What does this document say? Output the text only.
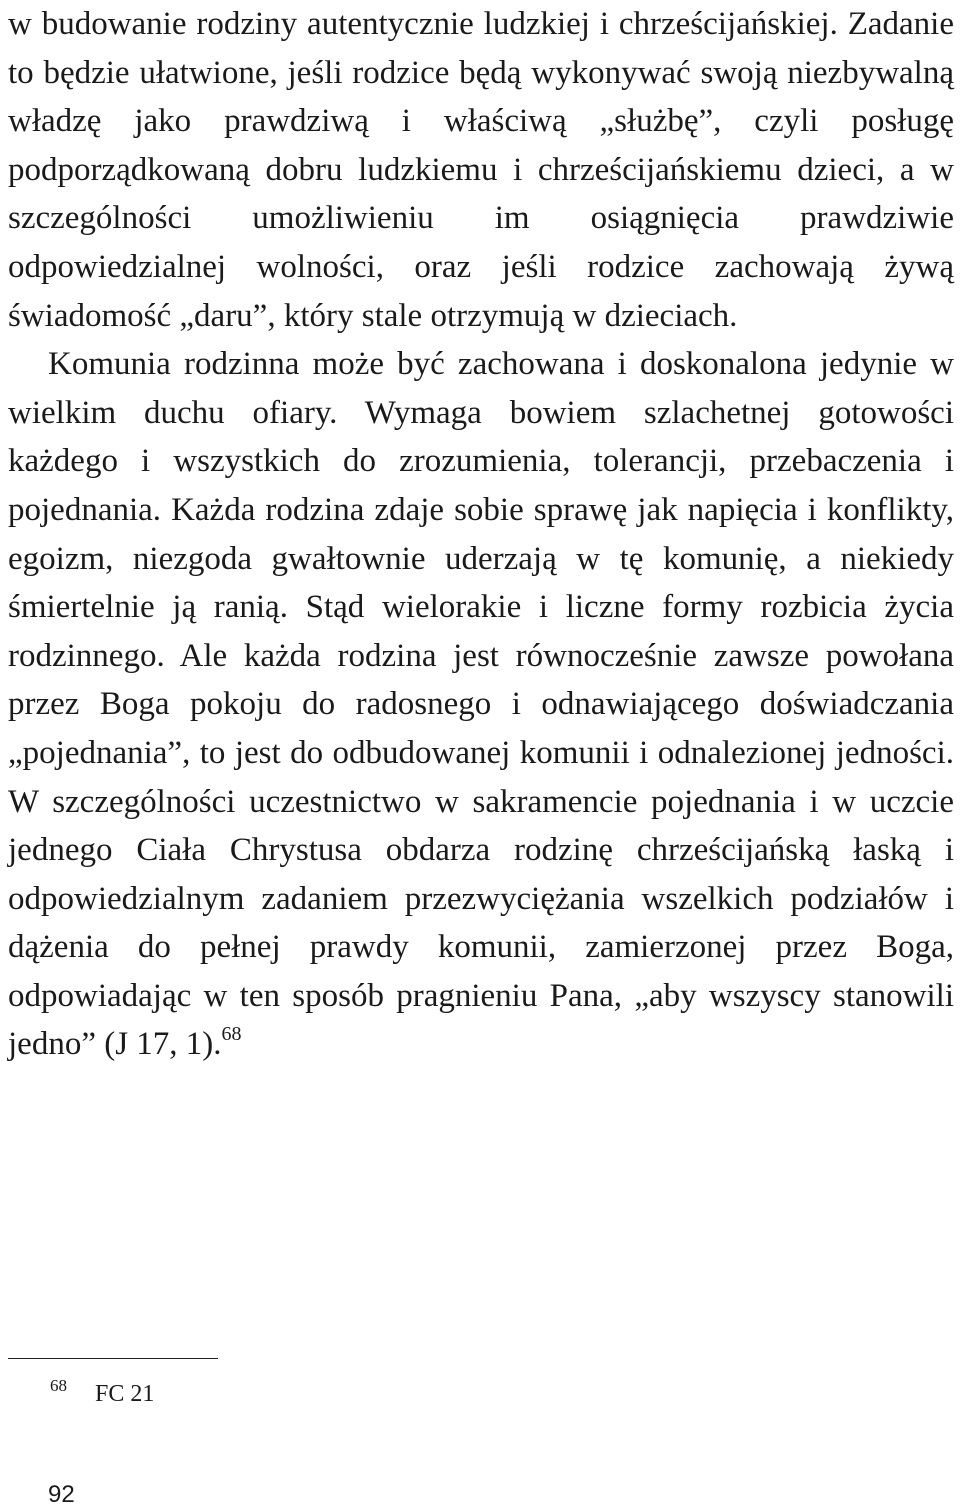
w budowanie rodziny autentycznie ludzkiej i chrześcijańskiej. Zadanie to będzie ułatwione, jeśli rodzice będą wykonywać swoją niezbywalną władzę jako prawdziwą i właściwą „służbę”, czyli posługę podporządkowaną dobru ludzkiemu i chrześcijańskiemu dzieci, a w szczególności umożliwieniu im osiągnięcia prawdziwie odpowiedzialnej wolności, oraz jeśli rodzice zachowają żywą świadomość „daru”, który stale otrzymują w dzieciach.

Komunia rodzinna może być zachowana i doskonalona jedynie w wielkim duchu ofiary. Wymaga bowiem szlachetnej gotowości każdego i wszystkich do zrozumienia, tolerancji, przebaczenia i pojednania. Każda rodzina zdaje sobie sprawę jak napięcia i konflikty, egoizm, niezgoda gwałtownie uderzają w tę komunię, a niekiedy śmiertelnie ją ranią. Stąd wielorakie i liczne formy rozbicia życia rodzinnego. Ale każda rodzina jest równocześnie zawsze powołana przez Boga pokoju do radosnego i odnawiającego doświadczania „pojednania”, to jest do odbudowanej komunii i odnalezionej jedności. W szczególności uczestnictwo w sakramencie pojednania i w uczcie jednego Ciała Chrystusa obdarza rodzinę chrześcijańską łaską i odpowiedzialnym zadaniem przezwyciężania wszelkich podziałów i dążenia do pełnej prawdy komunii, zamierzonej przez Boga, odpowiadając w ten sposób pragnieniu Pana, „aby wszyscy stanowili jedno” (J 17, 1).$^{68}$

$^{68}$ FC 21
92
